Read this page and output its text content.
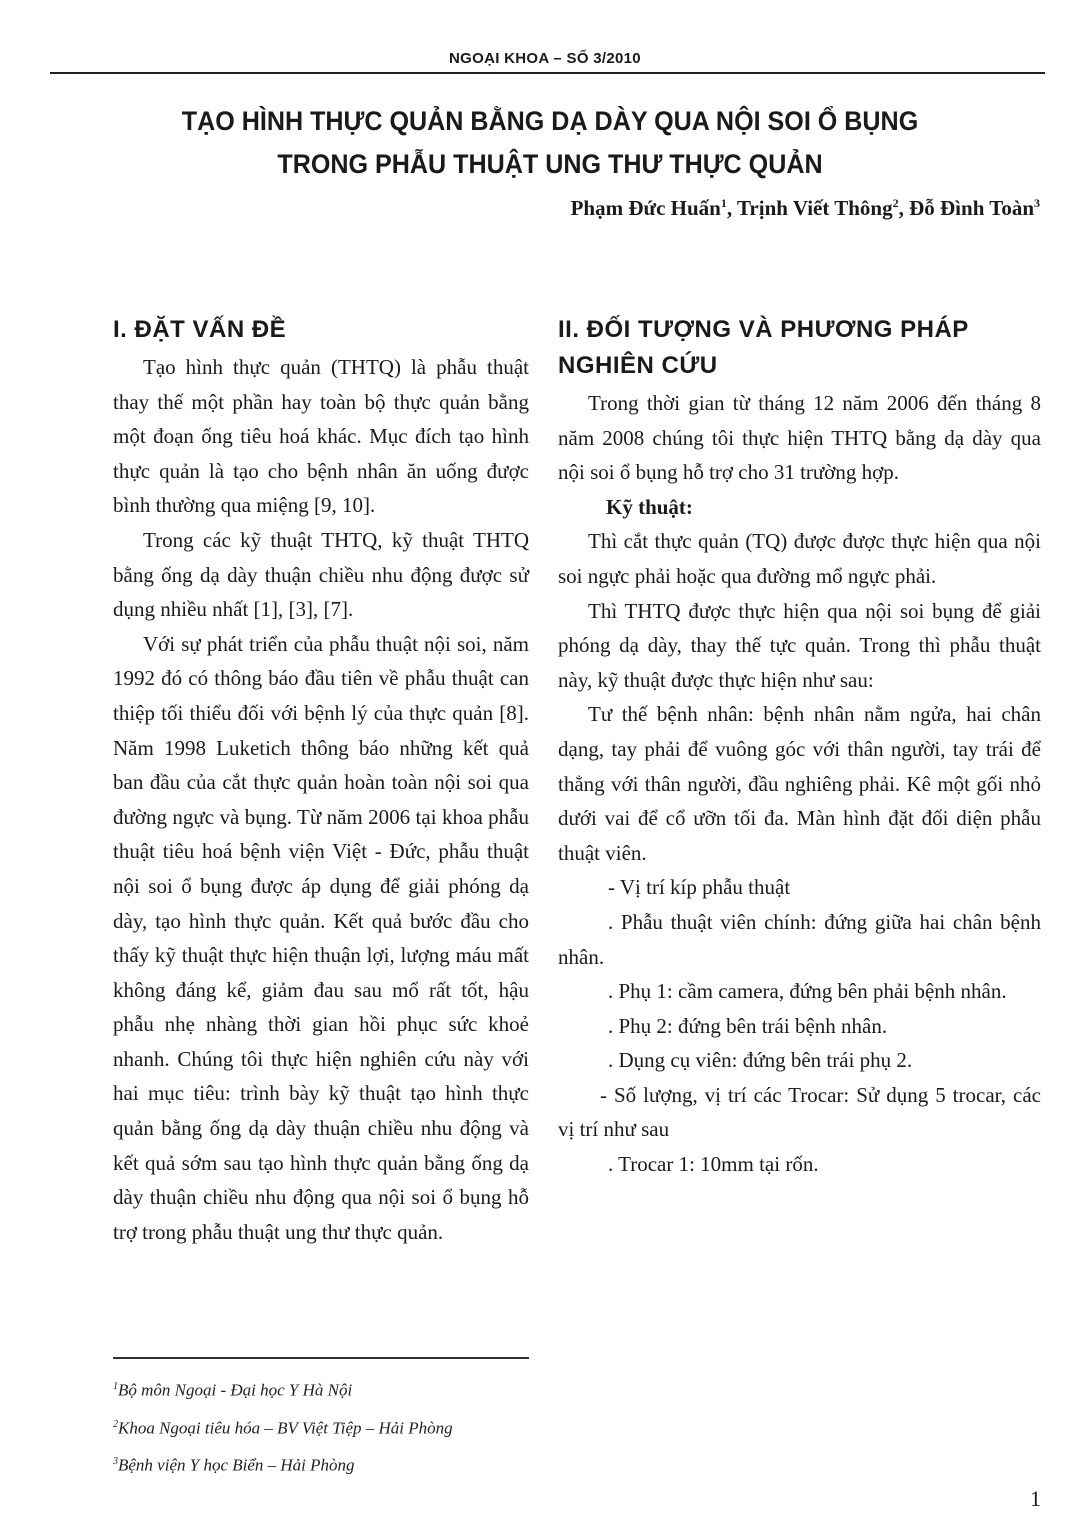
NGOẠI KHOA – SỐ 3/2010
TẠO HÌNH THỰC QUẢN BẰNG DẠ DÀY QUA NỘI SOI Ổ BỤNG
TRONG PHẪU THUẬT UNG THƯ THỰC QUẢN
Phạm Đức Huấn$^1$, Trịnh Viết Thông$^2$, Đỗ Đình Toàn$^3$
I. ĐẶT VẤN ĐỀ

Tạo hình thực quản (THTQ) là phẫu thuật thay thế một phần hay toàn bộ thực quản bằng một đoạn ống tiêu hoá khác. Mục đích tạo hình thực quản là tạo cho bệnh nhân ăn uống được bình thường qua miệng [9, 10].

Trong các kỹ thuật THTQ, kỹ thuật THTQ bằng ống dạ dày thuận chiều nhu động được sử dụng nhiều nhất [1], [3], [7].

Với sự phát triển của phẫu thuật nội soi, năm 1992 đó có thông báo đầu tiên về phẫu thuật can thiệp tối thiểu đối với bệnh lý của thực quản [8]. Năm 1998 Luketich thông báo những kết quả ban đầu của cắt thực quản hoàn toàn nội soi qua đường ngực và bụng. Từ năm 2006 tại khoa phẫu thuật tiêu hoá bệnh viện Việt - Đức, phẫu thuật nội soi ổ bụng được áp dụng để giải phóng dạ dày, tạo hình thực quản. Kết quả bước đầu cho thấy kỹ thuật thực hiện thuận lợi, lượng máu mất không đáng kể, giảm đau sau mổ rất tốt, hậu phẫu nhẹ nhàng thời gian hồi phục sức khoẻ nhanh. Chúng tôi thực hiện nghiên cứu này với hai mục tiêu: trình bày kỹ thuật tạo hình thực quản bằng ống dạ dày thuận chiều nhu động và kết quả sớm sau tạo hình thực quản bằng ống dạ dày thuận chiều nhu động qua nội soi ổ bụng hỗ trợ trong phẫu thuật ung thư thực quản.

II. ĐỐI TƯỢNG VÀ PHƯƠNG PHÁP NGHIÊN CỨU

Trong thời gian từ tháng 12 năm 2006 đến tháng 8 năm 2008 chúng tôi thực hiện THTQ bằng dạ dày qua nội soi ổ bụng hỗ trợ cho 31 trường hợp.

Kỹ thuật:

Thì cắt thực quản (TQ) được được thực hiện qua nội soi ngực phải hoặc qua đường mổ ngực phải.

Thì THTQ được thực hiện qua nội soi bụng để giải phóng dạ dày, thay thế tực quản. Trong thì phẫu thuật này, kỹ thuật được thực hiện như sau:

Tư thế bệnh nhân: bệnh nhân nằm ngửa, hai chân dạng, tay phải để vuông góc với thân người, tay trái để thẳng với thân người, đầu nghiêng phải. Kê một gối nhỏ dưới vai để cổ ưỡn tối đa. Màn hình đặt đối diện phẫu thuật viên.

- Vị trí kíp phẫu thuật

. Phẫu thuật viên chính: đứng giữa hai chân bệnh nhân.

. Phụ 1: cầm camera, đứng bên phải bệnh nhân.

. Phụ 2: đứng bên trái bệnh nhân.

. Dụng cụ viên: đứng bên trái phụ 2.

- Số lượng, vị trí các Trocar: Sử dụng 5 trocar, các vị trí như sau

. Trocar 1: 10mm tại rốn.

$^1$Bộ môn Ngoại - Đại học Y Hà Nội
$^2$Khoa Ngoại tiêu hóa – BV Việt Tiệp – Hải Phòng
$^3$Bệnh viện Y học Biển – Hải Phòng
1
